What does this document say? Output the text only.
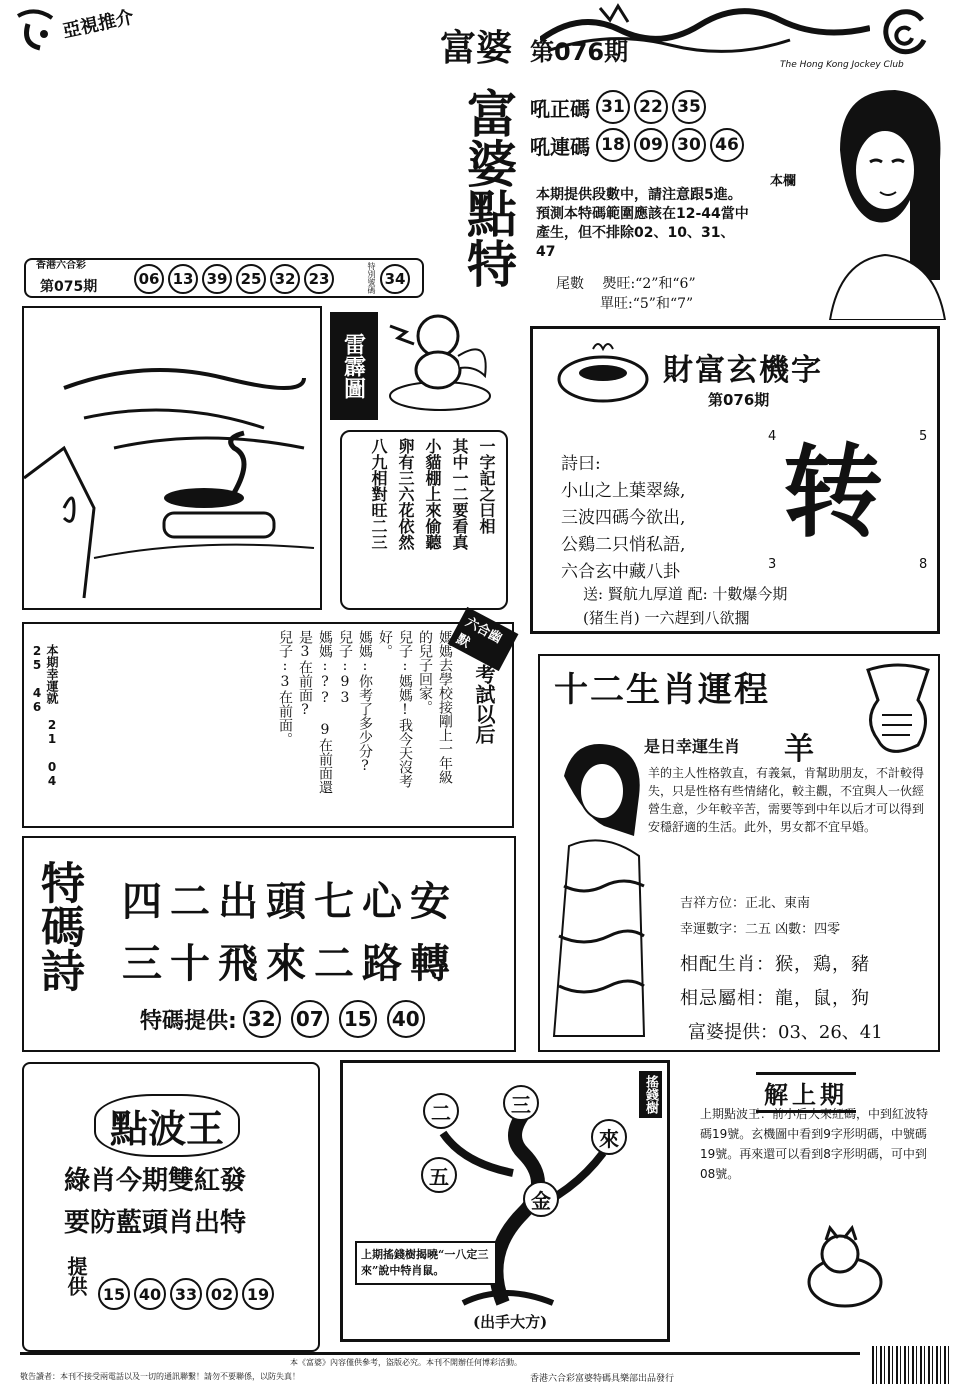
亞視推介
富婆 第076期	The Hong Kong Jockey Club
富婆點特 吼正碼 31 22 35
吼連碼 18 09 30 46
本欄
本期提供段數中，請注意跟5進。
預測本特碼範圍應該在12-44當中
產生，但不排除02、10、31、
47
尾數 爂旺:“2”和“6”
單旺:“5”和“7”
香港六合彩
第075期	06 13 39 25 32 23	特別號碼 34
雷霹圖
一字記之曰相
其中一二要看真
小貓棚上來偷聽
卵有三六花依然
八九相對旺二三
財富玄機字
第076期
詩曰:
小山之上葉翠綠,
三波四碼今欲出,
公鷄二只悄私語,
六合玄中藏八卦
4	5
转
3	8
送: 賢航九厚道 配: 十數爆今期
(猪生肖) 一六趕到八欲擱
本期幸運就 21 04 25 46	媽媽去學校接剛上一年級
的兒子回家。
兒子:媽媽!我今天沒考
好。
媽媽:你考了多少分?
兒子:93
媽媽:?? 9在前面還
是3在前面?
兒子:3在前面。	六合幽默
考試以后 十二生肖運程
是日幸運生肖 羊
羊的主人性格敦直，有義氣，肯幫助朋友，不計較得失，只是性格有些情緒化，較主觀，不宜與人一伙經營生意，少年較辛苦，需要等到中年以后才可以得到安穩舒適的生活。此外，男女都不宜早婚。
吉祥方位：正北、東南
幸運數字：二五 凶數：四零
相配生肖：猴，鶏，豬
相忌屬相：龍，鼠，狗
富婆提供：03、26、41
特碼詩 四二出頭七心安
三十飛來二路轉
特碼提供: 32 07 15 40
點波王
綠肖今期雙紅發
要防藍頭肖出特
提供 15 40 33 02 19
二	三
來
五
金
搖錢樹
上期搖錢樹揭曉“一八定三來”說中特肖鼠。
(出手大方)
解上期
上期點波王：前小后大來紅碼，中到紅波特碼19號。玄機圖中看到9字形明碼，中號碼19號。再來還可以看到8字形明碼，可中到08號。
敬告讀者：本刊不接受兩電話以及一切的通訊聯繫！請勿不要聯係，以防失真！
本《富婆》內容僅供參考，盜版必究。本刊不開辦任何博彩活動。
香港六合彩富婆特碼具樂部出品發行
